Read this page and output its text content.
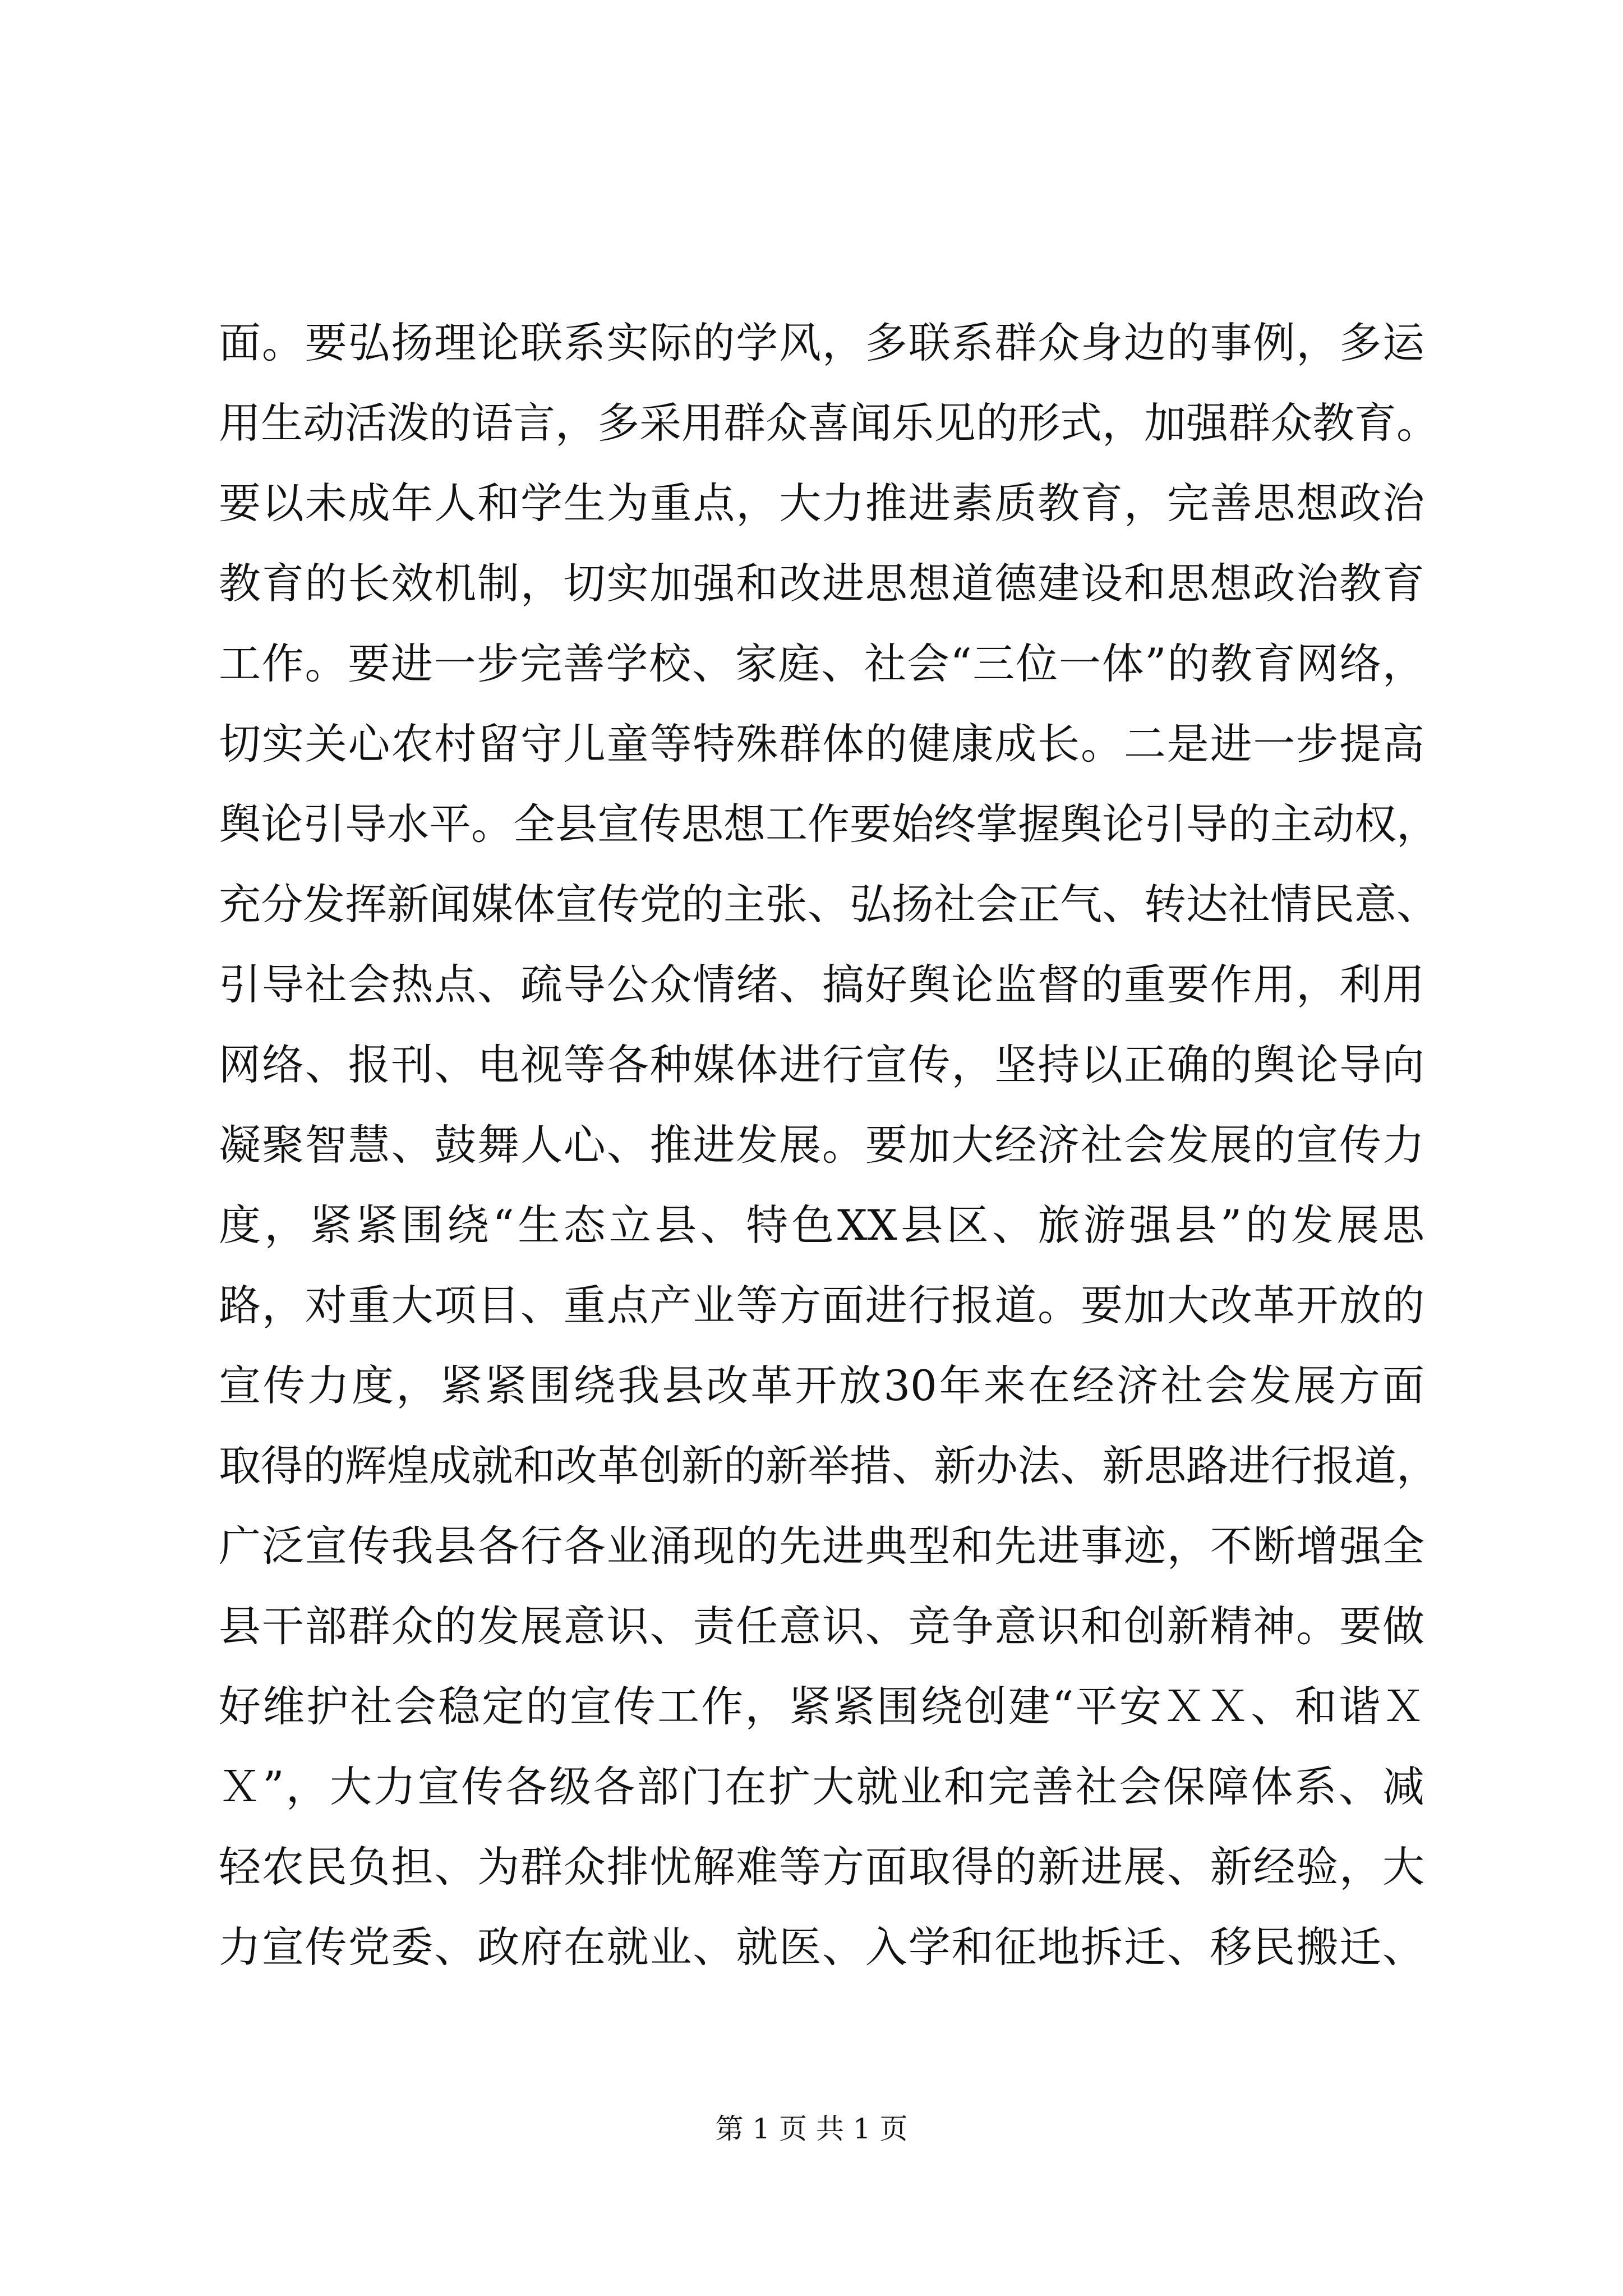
面。要弘扬理论联系实际的学风，多联系群众身边的事例，多运
用生动活泼的语言，多采用群众喜闻乐见的形式，加强群众教育。
要以未成年人和学生为重点，大力推进素质教育，完善思想政治
教育的长效机制，切实加强和改进思想道德建设和思想政治教育
工作。要进一步完善学校、家庭、社会“三位一体”的教育网络，
切实关心农村留守儿童等特殊群体的健康成长。二是进一步提高
舆论引导水平。全县宣传思想工作要始终掌握舆论引导的主动权，
充分发挥新闻媒体宣传党的主张、弘扬社会正气、转达社情民意、
引导社会热点、疏导公众情绪、搞好舆论监督的重要作用，利用
网络、报刊、电视等各种媒体进行宣传，坚持以正确的舆论导向
凝聚智慧、鼓舞人心、推进发展。要加大经济社会发展的宣传力
度，紧紧围绕“生态立县、特色XX县区、旅游强县”的发展思
路，对重大项目、重点产业等方面进行报道。要加大改革开放的
宣传力度，紧紧围绕我县改革开放30年来在经济社会发展方面
取得的辉煌成就和改革创新的新举措、新办法、新思路进行报道，
广泛宣传我县各行各业涌现的先进典型和先进事迹，不断增强全
县干部群众的发展意识、责任意识、竞争意识和创新精神。要做
好维护社会稳定的宣传工作，紧紧围绕创建“平安ＸＸ、和谐Ｘ
Ｘ”，大力宣传各级各部门在扩大就业和完善社会保障体系、减
轻农民负担、为群众排忧解难等方面取得的新进展、新经验，大
力宣传党委、政府在就业、就医、入学和征地拆迁、移民搬迁、
第 1 页 共 1 页
